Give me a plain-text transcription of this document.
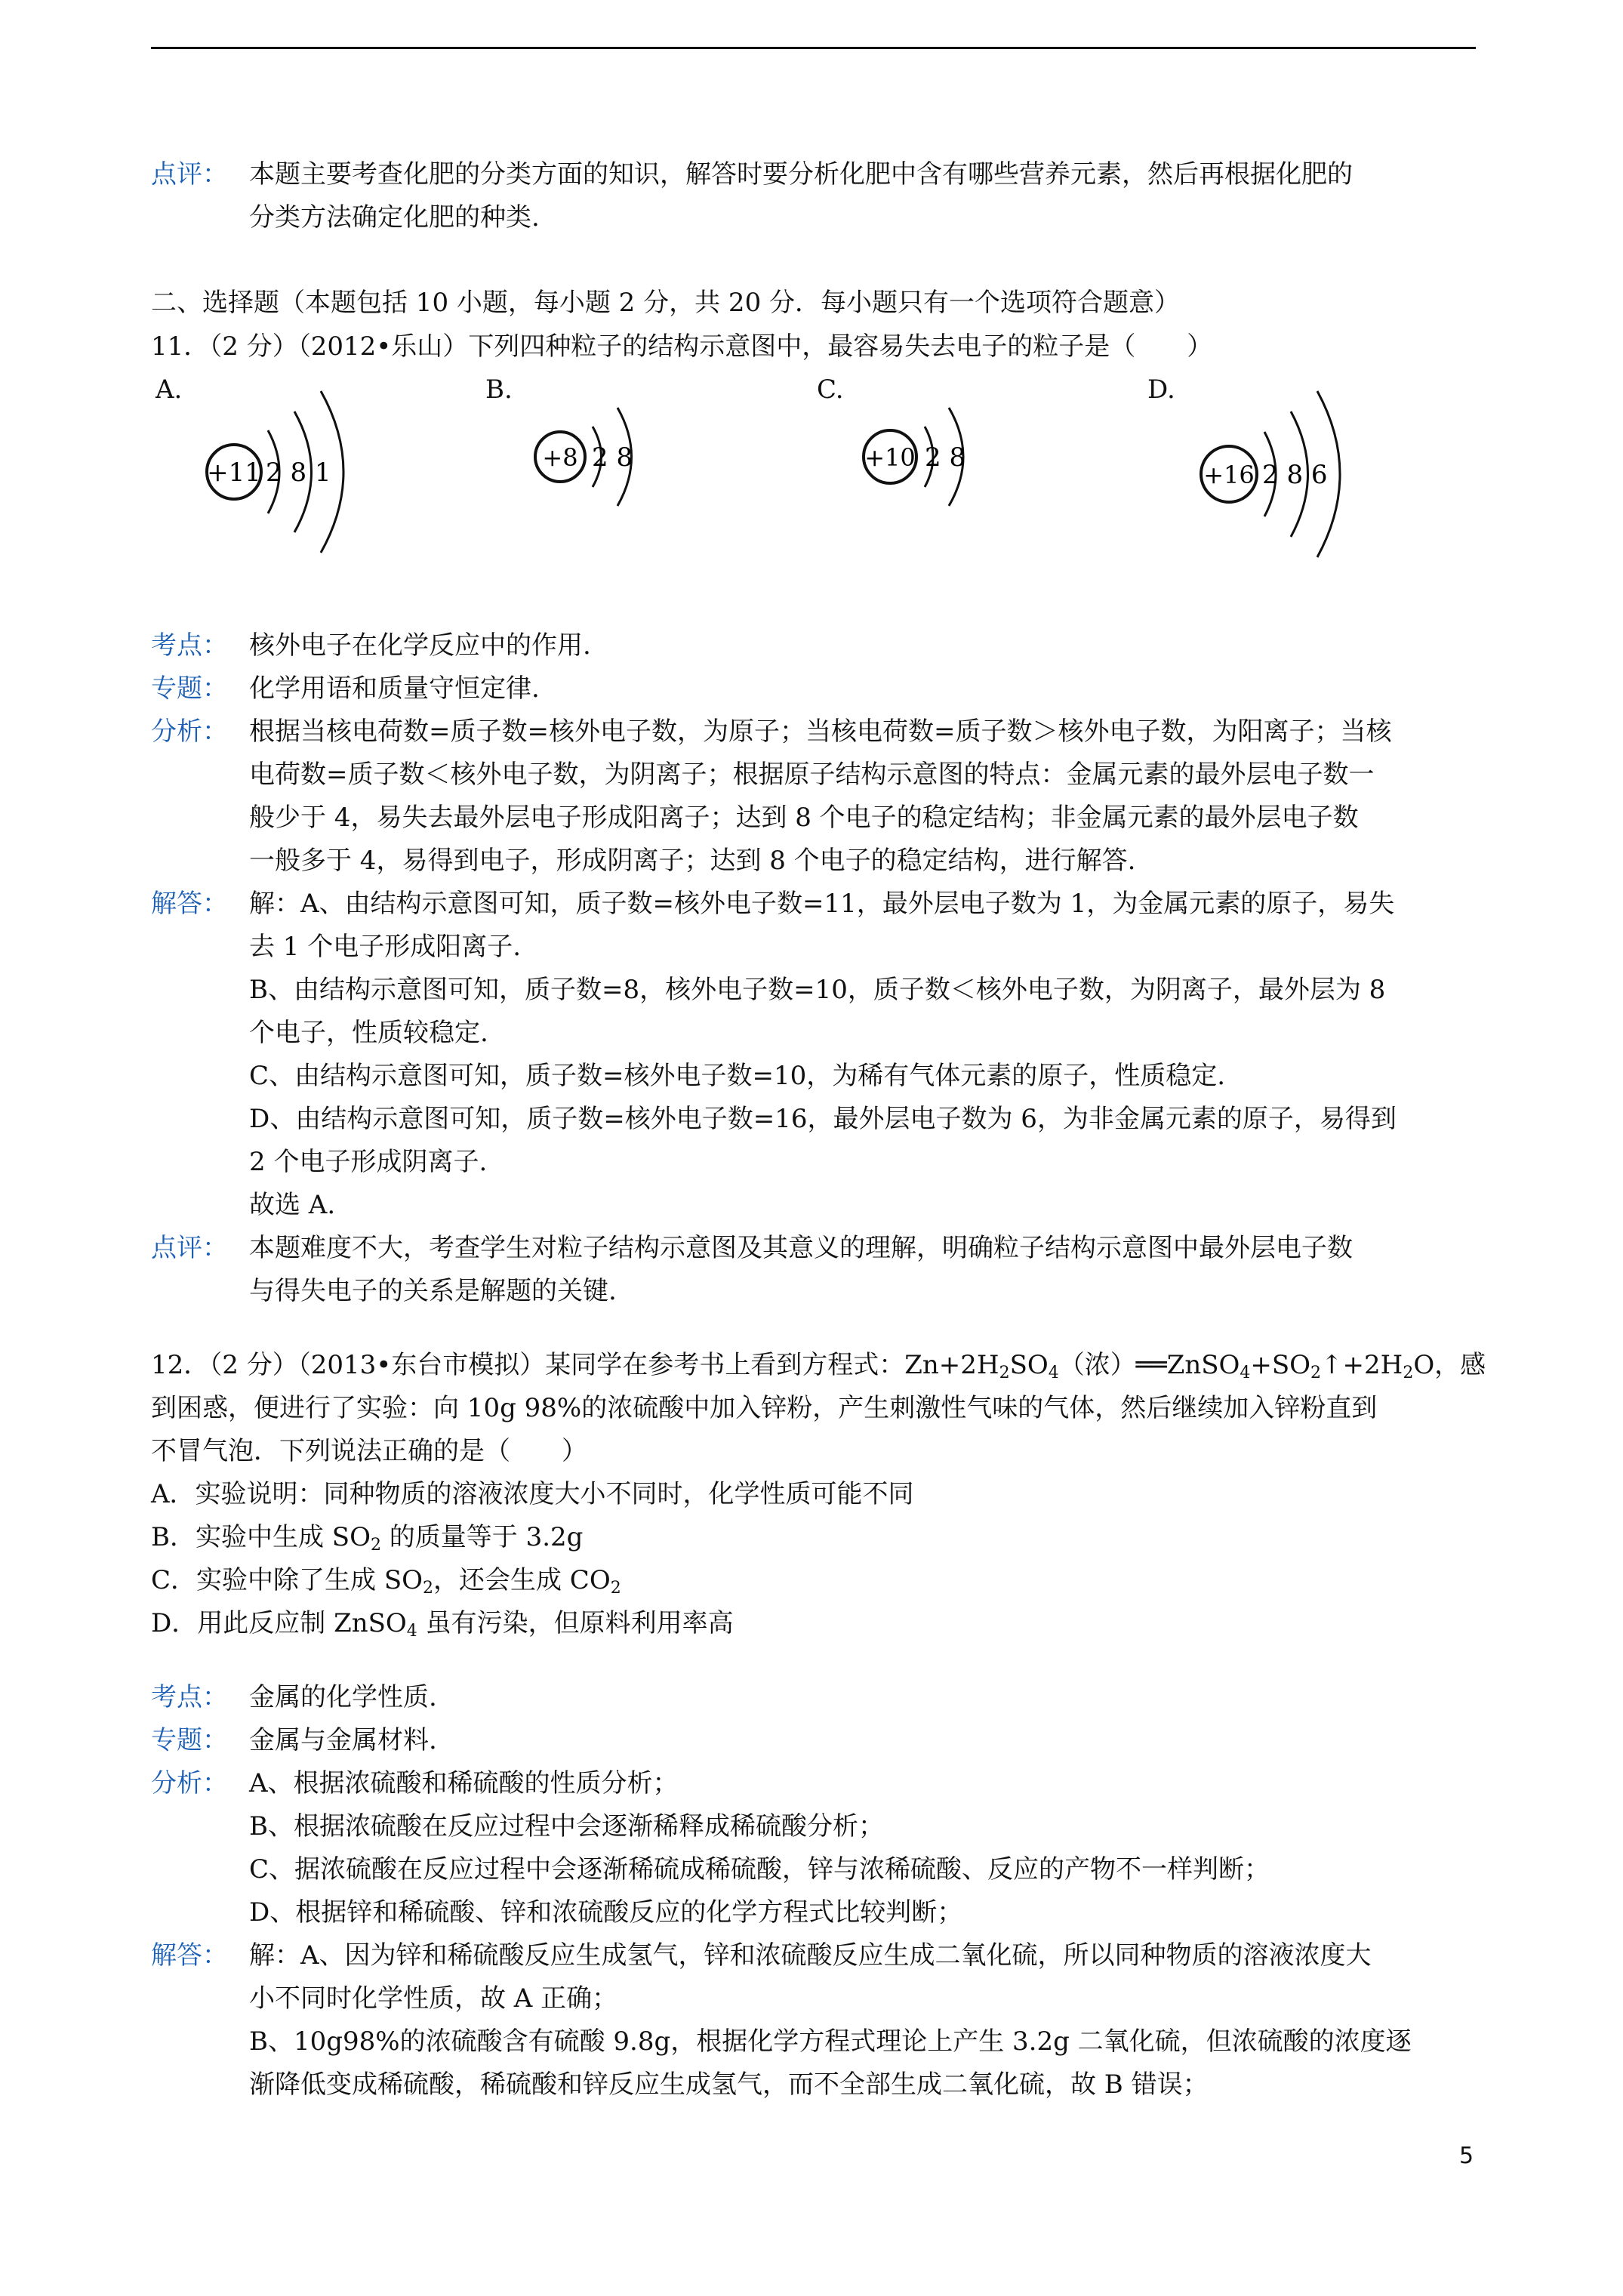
点评： 本题主要考查化肥的分类方面的知识，解答时要分析化肥中含有哪些营养元素，然后再根据化肥的
分类方法确定化肥的种类.
二、选择题（本题包括 10 小题，每小题 2 分，共 20 分．每小题只有一个选项符合题意）
11．（2 分）（2012•乐山）下列四种粒子的结构示意图中，最容易失去电子的粒子是（　　）
A.	B.	C.	D.
+11 2 8 1	+8 2 8	+10 2 8
+16 2 8 6
考点： 核外电子在化学反应中的作用.
专题： 化学用语和质量守恒定律.
分析： 根据当核电荷数=质子数=核外电子数，为原子；当核电荷数=质子数＞核外电子数，为阳离子；当核
电荷数=质子数＜核外电子数，为阴离子；根据原子结构示意图的特点：金属元素的最外层电子数一
般少于 4，易失去最外层电子形成阳离子；达到 8 个电子的稳定结构；非金属元素的最外层电子数
一般多于 4，易得到电子，形成阴离子；达到 8 个电子的稳定结构，进行解答.
解答： 解：A、由结构示意图可知，质子数=核外电子数=11，最外层电子数为 1，为金属元素的原子，易失
去 1 个电子形成阳离子.
B、由结构示意图可知，质子数=8，核外电子数=10，质子数＜核外电子数，为阴离子，最外层为 8
个电子，性质较稳定.
C、由结构示意图可知，质子数=核外电子数=10，为稀有气体元素的原子，性质稳定.
D、由结构示意图可知，质子数=核外电子数=16，最外层电子数为 6，为非金属元素的原子，易得到
2 个电子形成阴离子.
故选 A.
点评： 本题难度不大，考查学生对粒子结构示意图及其意义的理解，明确粒子结构示意图中最外层电子数
与得失电子的关系是解题的关键.
12．（2 分）（2013•东台市模拟）某同学在参考书上看到方程式：$Zn+2H_2SO_4$（浓）$══ZnSO_4+SO_2↑+2H_2O$，感
到困惑，便进行了实验：向 10g 98%的浓硫酸中加入锌粉，产生刺激性气味的气体，然后继续加入锌粉直到
不冒气泡．下列说法正确的是（　　）
A．实验说明：同种物质的溶液浓度大小不同时，化学性质可能不同
B．实验中生成 $SO_2$ 的质量等于 3.2g
C．实验中除了生成 $SO_2$，还会生成 $CO_2$
D．用此反应制 ZnSO$_4$ 虽有污染，但原料利用率高
考点： 金属的化学性质.
专题： 金属与金属材料.
分析： A、根据浓硫酸和稀硫酸的性质分析；
B、根据浓硫酸在反应过程中会逐渐稀释成稀硫酸分析；
C、据浓硫酸在反应过程中会逐渐稀硫成稀硫酸，锌与浓稀硫酸、反应的产物不一样判断；
D、根据锌和稀硫酸、锌和浓硫酸反应的化学方程式比较判断；
解答： 解：A、因为锌和稀硫酸反应生成氢气，锌和浓硫酸反应生成二氧化硫，所以同种物质的溶液浓度大
小不同时化学性质，故 A 正确；
B、10g98%的浓硫酸含有硫酸 9.8g，根据化学方程式理论上产生 3.2g 二氧化硫，但浓硫酸的浓度逐
渐降低变成稀硫酸，稀硫酸和锌反应生成氢气，而不全部生成二氧化硫，故 B 错误；
5
